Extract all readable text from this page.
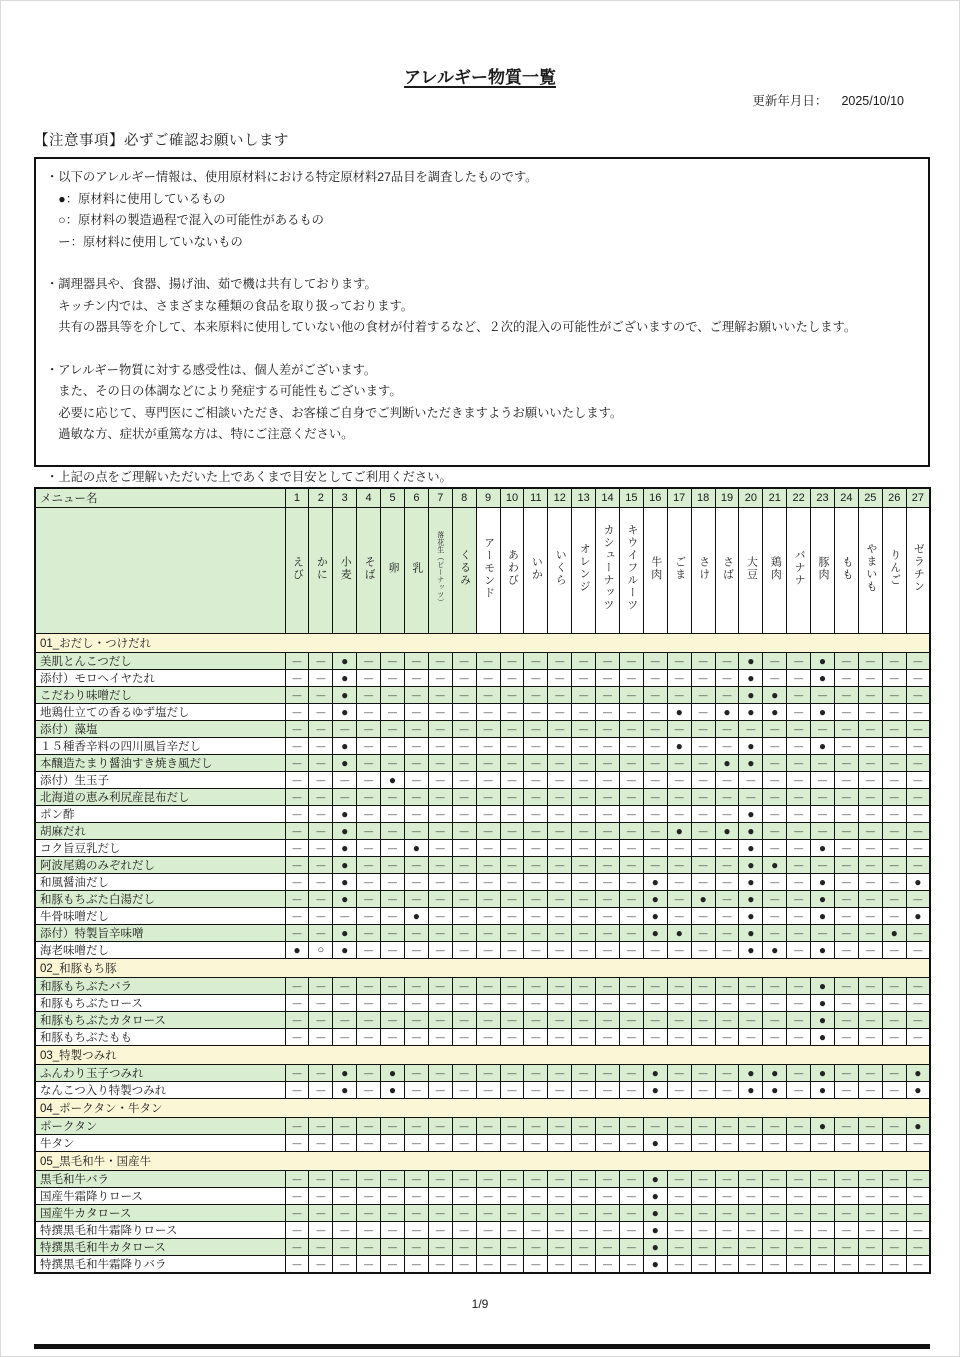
アレルギー物質一覧
更新年月日： 2025/10/10
【注意事項】必ずご確認お願いします

・以下のアレルギー情報は、使用原材料における特定原材料27品目を調査したものです。
　●：原材料に使用しているもの
　○：原材料の製造過程で混入の可能性があるもの
　ー：原材料に使用していないもの

・調理器具や、食器、揚げ油、茹で機は共有しております。
　キッチン内では、さまざまな種類の食品を取り扱っております。
　共有の器具等を介して、本来原料に使用していない他の食材が付着するなど、２次的混入の可能性がございますので、ご理解お願いいたします。

・アレルギー物質に対する感受性は、個人差がございます。
　また、その日の体調などにより発症する可能性もございます。
　必要に応じて、専門医にご相談いただき、お客様ご自身でご判断いただきますようお願いいたします。
　過敏な方、症状が重篤な方は、特にご注意ください。

・上記の点をご理解いただいた上であくまで目安としてご利用ください。

メニュー名	1	2	3	4	5	6	7	8	9	10	11	12	13	14	15	16	17	18	19	20	21	22	23	24	25	26	27
	えび	かに	小麦	そば	卵	乳	落花生（ピーナッツ）	くるみ	アーモンド	あわび	いか	いくら	オレンジ	カシューナッツ	キウイフルーツ	牛肉	ごま	さけ	さば	大豆	鶏肉	バナナ	豚肉	もも	やまいも	りんご	ゼラチン
01_おだし・つけだれ																											
美肌とんこつだし	—	—	●	—	—	—	—	—	—	—	—	—	—	—	—	—	—	—	—	●	—	—	●	—	—	—	—
添付）モロヘイヤたれ	—	—	●	—	—	—	—	—	—	—	—	—	—	—	—	—	—	—	—	●	—	—	●	—	—	—	—
こだわり味噌だし	—	—	●	—	—	—	—	—	—	—	—	—	—	—	—	—	—	—	—	●	●	—	—	—	—	—	—
地鶏仕立ての香るゆず塩だし	—	—	●	—	—	—	—	—	—	—	—	—	—	—	—	—	●	—	●	●	●	—	●	—	—	—	—
添付）藻塩	—	—	—	—	—	—	—	—	—	—	—	—	—	—	—	—	—	—	—	—	—	—	—	—	—	—	—
１５種香辛料の四川風旨辛だし	—	—	●	—	—	—	—	—	—	—	—	—	—	—	—	—	●	—	—	●	—	—	●	—	—	—	—
本醸造たまり醤油すき焼き風だし	—	—	●	—	—	—	—	—	—	—	—	—	—	—	—	—	—	—	●	●	—	—	—	—	—	—	—
添付）生玉子	—	—	—	—	●	—	—	—	—	—	—	—	—	—	—	—	—	—	—	—	—	—	—	—	—	—	—
北海道の恵み利尻産昆布だし	—	—	—	—	—	—	—	—	—	—	—	—	—	—	—	—	—	—	—	—	—	—	—	—	—	—	—
ポン酢	—	—	●	—	—	—	—	—	—	—	—	—	—	—	—	—	—	—	—	●	—	—	—	—	—	—	—
胡麻だれ	—	—	●	—	—	—	—	—	—	—	—	—	—	—	—	—	●	—	●	●	—	—	—	—	—	—	—
コク旨豆乳だし	—	—	●	—	—	●	—	—	—	—	—	—	—	—	—	—	—	—	—	●	—	—	●	—	—	—	—
阿波尾鶏のみぞれだし	—	—	●	—	—	—	—	—	—	—	—	—	—	—	—	—	—	—	—	●	●	—	—	—	—	—	—
和風醤油だし	—	—	●	—	—	—	—	—	—	—	—	—	—	—	—	●	—	—	—	●	—	—	●	—	—	—	●
和豚もちぶた白湯だし	—	—	●	—	—	—	—	—	—	—	—	—	—	—	—	●	—	●	—	●	—	—	●	—	—	—	—
牛骨味噌だし	—	—	—	—	—	●	—	—	—	—	—	—	—	—	—	●	—	—	—	●	—	—	●	—	—	—	●
添付）特製旨辛味噌	—	—	●	—	—	—	—	—	—	—	—	—	—	—	—	●	●	—	—	●	—	—	—	—	—	●	—
海老味噌だし	●	○	●	—	—	—	—	—	—	—	—	—	—	—	—	—	—	—	—	●	●	—	●	—	—	—	—
02_和豚もち豚																											
和豚もちぶたバラ	—	—	—	—	—	—	—	—	—	—	—	—	—	—	—	—	—	—	—	—	—	—	●	—	—	—	—
和豚もちぶたロース	—	—	—	—	—	—	—	—	—	—	—	—	—	—	—	—	—	—	—	—	—	—	●	—	—	—	—
和豚もちぶたカタロース	—	—	—	—	—	—	—	—	—	—	—	—	—	—	—	—	—	—	—	—	—	—	●	—	—	—	—
和豚もちぶたもも	—	—	—	—	—	—	—	—	—	—	—	—	—	—	—	—	—	—	—	—	—	—	●	—	—	—	—
03_特製つみれ																											
ふんわり玉子つみれ	—	—	●	—	●	—	—	—	—	—	—	—	—	—	—	●	—	—	—	●	●	—	●	—	—	—	●
なんこつ入り特製つみれ	—	—	●	—	●	—	—	—	—	—	—	—	—	—	—	●	—	—	—	●	●	—	●	—	—	—	●
04_ポークタン・牛タン																											
ポークタン	—	—	—	—	—	—	—	—	—	—	—	—	—	—	—	—	—	—	—	—	—	—	●	—	—	—	●
牛タン	—	—	—	—	—	—	—	—	—	—	—	—	—	—	—	●	—	—	—	—	—	—	—	—	—	—	—
05_黒毛和牛・国産牛																											
黒毛和牛バラ	—	—	—	—	—	—	—	—	—	—	—	—	—	—	—	●	—	—	—	—	—	—	—	—	—	—	—
国産牛霜降りロース	—	—	—	—	—	—	—	—	—	—	—	—	—	—	—	●	—	—	—	—	—	—	—	—	—	—	—
国産牛カタロース	—	—	—	—	—	—	—	—	—	—	—	—	—	—	—	●	—	—	—	—	—	—	—	—	—	—	—
特撰黒毛和牛霜降りロース	—	—	—	—	—	—	—	—	—	—	—	—	—	—	—	●	—	—	—	—	—	—	—	—	—	—	—
特撰黒毛和牛カタロース	—	—	—	—	—	—	—	—	—	—	—	—	—	—	—	●	—	—	—	—	—	—	—	—	—	—	—
特撰黒毛和牛霜降りバラ	—	—	—	—	—	—	—	—	—	—	—	—	—	—	—	●	—	—	—	—	—	—	—	—	—	—	—
1/9
